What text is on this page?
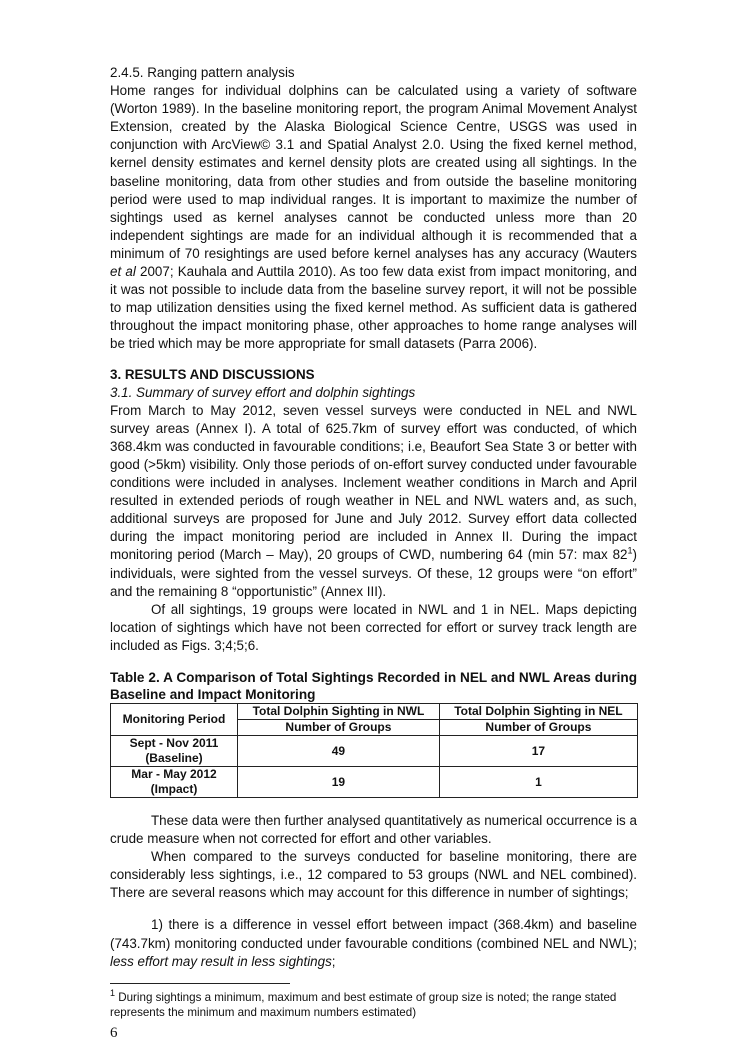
2.4.5. Ranging pattern analysis

Home ranges for individual dolphins can be calculated using a variety of software (Worton 1989). In the baseline monitoring report, the program Animal Movement Analyst Extension, created by the Alaska Biological Science Centre, USGS was used in conjunction with ArcView© 3.1 and Spatial Analyst 2.0. Using the fixed kernel method, kernel density estimates and kernel density plots are created using all sightings. In the baseline monitoring, data from other studies and from outside the baseline monitoring period were used to map individual ranges. It is important to maximize the number of sightings used as kernel analyses cannot be conducted unless more than 20 independent sightings are made for an individual although it is recommended that a minimum of 70 resightings are used before kernel analyses has any accuracy (Wauters et al 2007; Kauhala and Auttila 2010). As too few data exist from impact monitoring, and it was not possible to include data from the baseline survey report, it will not be possible to map utilization densities using the fixed kernel method. As sufficient data is gathered throughout the impact monitoring phase, other approaches to home range analyses will be tried which may be more appropriate for small datasets (Parra 2006).

3. RESULTS AND DISCUSSIONS

3.1. Summary of survey effort and dolphin sightings

From March to May 2012, seven vessel surveys were conducted in NEL and NWL survey areas (Annex I). A total of 625.7km of survey effort was conducted, of which 368.4km was conducted in favourable conditions; i.e, Beaufort Sea State 3 or better with good (>5km) visibility. Only those periods of on-effort survey conducted under favourable conditions were included in analyses. Inclement weather conditions in March and April resulted in extended periods of rough weather in NEL and NWL waters and, as such, additional surveys are proposed for June and July 2012. Survey effort data collected during the impact monitoring period are included in Annex II. During the impact monitoring period (March – May), 20 groups of CWD, numbering 64 (min 57: $\max 82^1$) individuals, were sighted from the vessel surveys. Of these, 12 groups were “on effort” and the remaining 8 “opportunistic” (Annex III).

Of all sightings, 19 groups were located in NWL and 1 in NEL. Maps depicting location of sightings which have not been corrected for effort or survey track length are included as Figs. 3;4;5;6.

Table 2. A Comparison of Total Sightings Recorded in NEL and NWL Areas during Baseline and Impact Monitoring

Monitoring Period	Total Dolphin Sighting in NWL	Total Dolphin Sighting in NEL
	Number of Groups	Number of Groups
Sept - Nov 2011
(Baseline)	49	17
Mar - May 2012
(Impact)	19	1

These data were then further analysed quantitatively as numerical occurrence is a crude measure when not corrected for effort and other variables.

When compared to the surveys conducted for baseline monitoring, there are considerably less sightings, i.e., 12 compared to 53 groups (NWL and NEL combined). There are several reasons which may account for this difference in number of sightings;

1) there is a difference in vessel effort between impact (368.4km) and baseline (743.7km) monitoring conducted under favourable conditions (combined NEL and NWL); less effort may result in less sightings;

$^1$ During sightings a minimum, maximum and best estimate of group size is noted; the range stated represents the minimum and maximum numbers estimated)

6
